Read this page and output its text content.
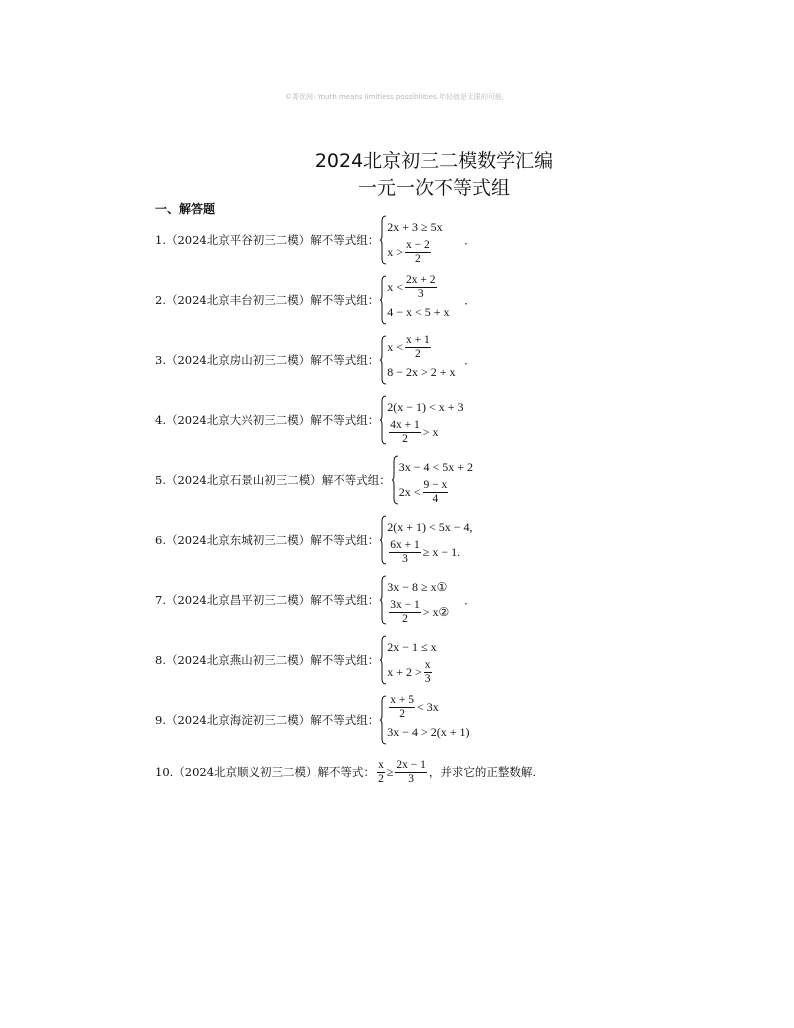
©菁优网: Youth means limitless possibilities.年轻就是无限的可能。
2024北京初三二模数学汇编
一元一次不等式组
一、解答题
1.（2024北京平谷初三二模）解不等式组：
2x + 3 ≥ 5x
$x > \frac{x - 2}{2}$	．
2.（2024北京丰台初三二模）解不等式组：
$x < \frac{2x + 2}{3}$
4 − x < 5 + x
．
3.（2024北京房山初三二模）解不等式组：
$x < \frac{x + 1}{2}$
8 − 2x > 2 + x
．
4.（2024北京大兴初三二模）解不等式组：
2(x − 1) < x + 3
$\frac{4x + 1}{2} > x$
5.（2024北京石景山初三二模）解不等式组：
3x − 4 < 5x + 2
$2x < \frac{9 - x}{4}$
6.（2024北京东城初三二模）解不等式组：
2(x + 1) < 5x − 4,
$\frac{6x + 1}{3} \ge x - 1$.
7.（2024北京昌平初三二模）解不等式组：
3x − 8 ≥ x①
$\frac{3x - 1}{2}$ > x②
．
8.（2024北京燕山初三二模）解不等式组：
2x − 1 ≤ x
$x + 2 > \frac{x}{3}$
9.（2024北京海淀初三二模）解不等式组： $\frac{x + 5}{2} < 3x$
3x − 4 > 2(x + 1)
10.（2024北京顺义初三二模）解不等式： $\frac{x}{2} \ge \frac{2x - 1}{3}$ ，并求它的正整数解.
